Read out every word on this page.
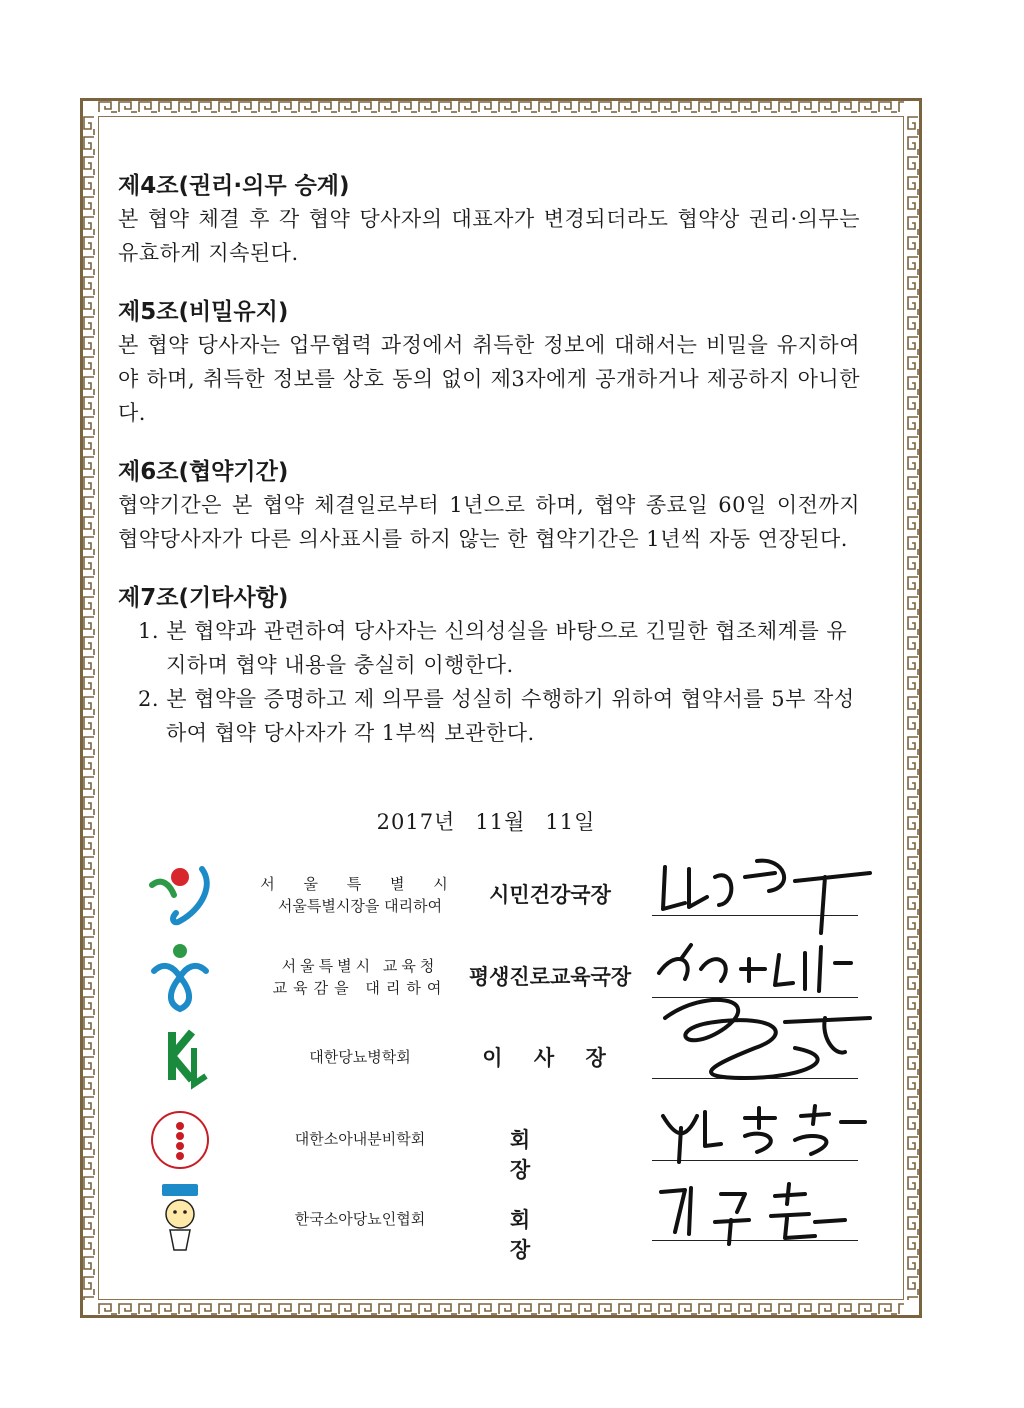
제4조(권리·의무 승계)

본 협약 체결 후 각 협약 당사자의 대표자가 변경되더라도 협약상 권리·의무는 유효하게 지속된다.

제5조(비밀유지)

본 협약 당사자는 업무협력 과정에서 취득한 정보에 대해서는 비밀을 유지하여야 하며, 취득한 정보를 상호 동의 없이 제3자에게 공개하거나 제공하지 아니한다.

제6조(협약기간)

협약기간은 본 협약 체결일로부터 1년으로 하며, 협약 종료일 60일 이전까지 협약당사자가 다른 의사표시를 하지 않는 한 협약기간은 1년씩 자동 연장된다.

제7조(기타사항)
1. 본 협약과 관련하여 당사자는 신의성실을 바탕으로 긴밀한 협조체계를 유지하며 협약 내용을 충실히 이행한다.
2. 본 협약을 증명하고 제 의무를 성실히 수행하기 위하여 협약서를 5부 작성하여 협약 당사자가 각 1부씩 보관한다.
2017년 11월 11일
서 울 특 별 시
서울특별시장을 대리하여	시민건강국장
서울특별시 교육청
교육감을 대리하여	평생진로교육국장
대한당뇨병학회	이 사 장
대한소아내분비학회	회 장
한국소아당뇨인협회	회 장
